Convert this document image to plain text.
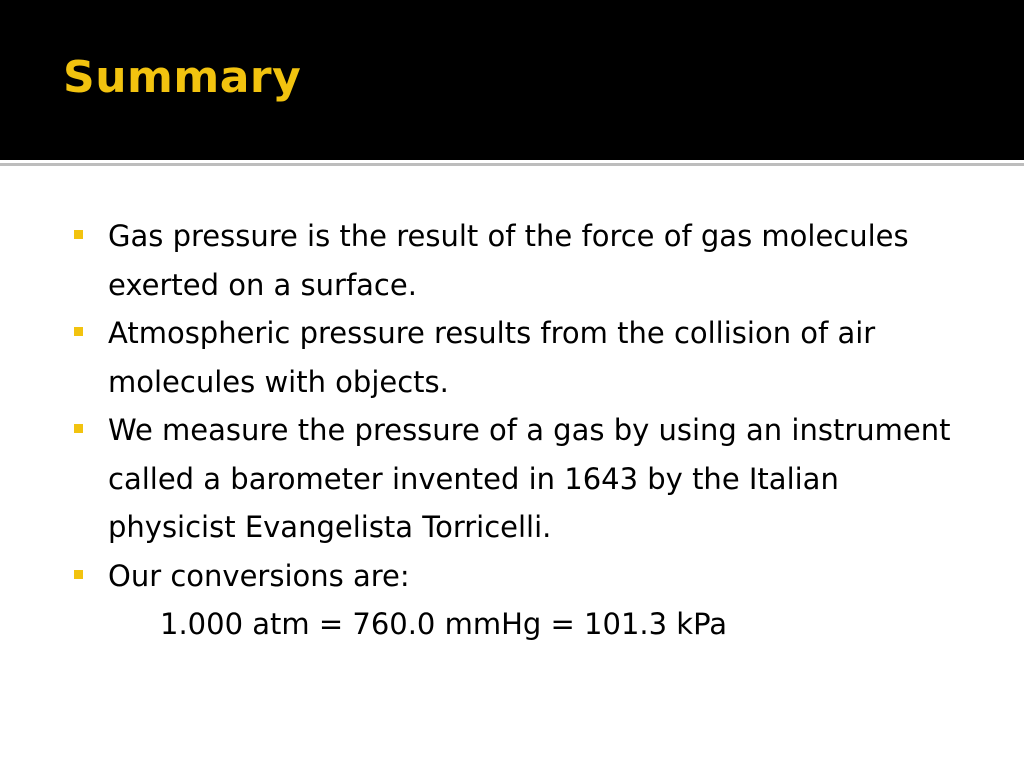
Summary
Gas pressure is the result of the force of gas molecules exerted on a surface.
Atmospheric pressure results from the collision of air molecules with objects.
We measure the pressure of a gas by using an instrument called a barometer invented in 1643 by the Italian physicist Evangelista Torricelli.
Our conversions are:

1.000 atm = 760.0 mmHg = 101.3 kPa
